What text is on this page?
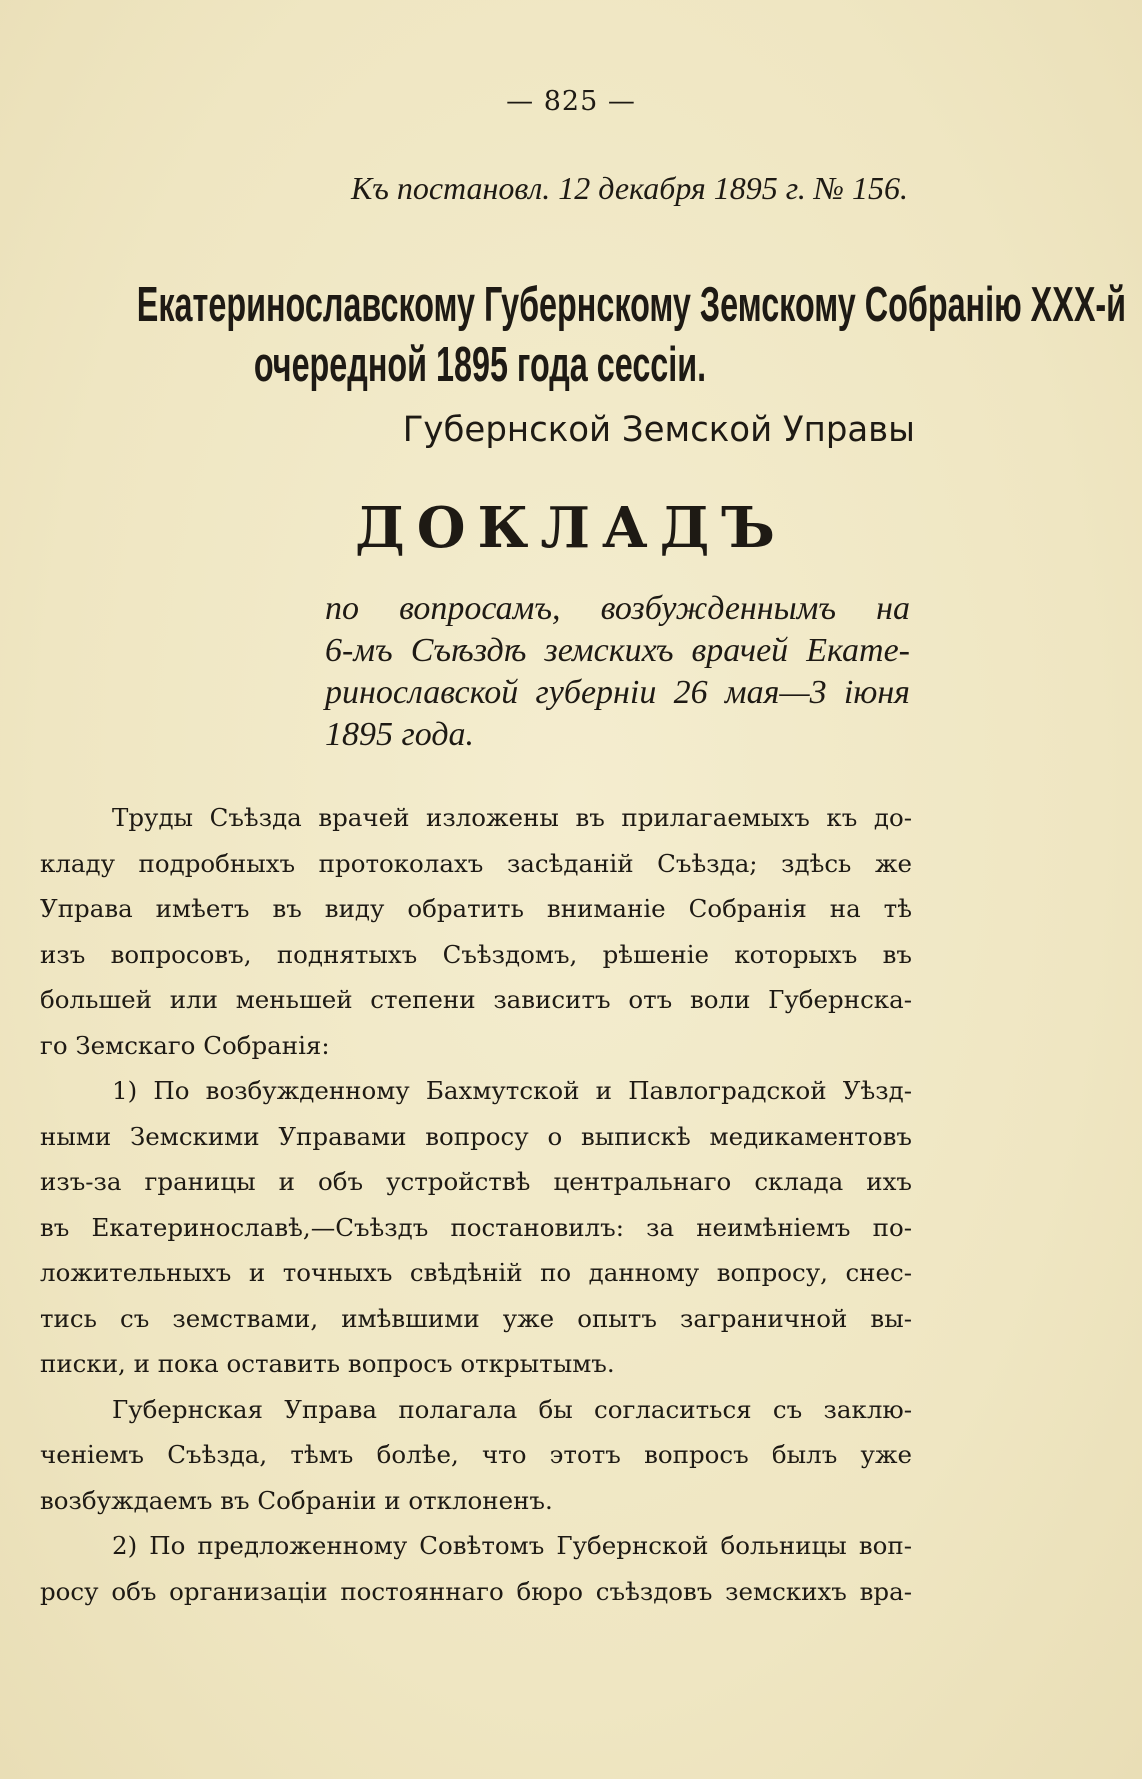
— 825 —
Къ постановл. 12 декабря 1895 г. № 156.
Екатеринославскому Губернскому Земскому Собранію XXX-й
очередной 1895 года сессіи.
Губернской Земской Управы
ДОКЛАДЪ
по вопросамъ, возбужденнымъ на
6-мъ Съѣздѣ земскихъ врачей Екате-
ринославской губерніи 26 мая—3 іюня
1895 года.
Труды Съѣзда врачей изложены въ прилагаемыхъ къ до-
кладу подробныхъ протоколахъ засѣданій Съѣзда; здѣсь же
Управа имѣетъ въ виду обратить вниманіе Собранія на тѣ
изъ вопросовъ, поднятыхъ Съѣздомъ, рѣшеніе которыхъ въ
большей или меньшей степени зависитъ отъ воли Губернска-
го Земскаго Собранія:
1) По возбужденному Бахмутской и Павлоградской Уѣзд-
ными Земскими Управами вопросу о выпискѣ медикаментовъ
изъ-за границы и объ устройствѣ центральнаго склада ихъ
въ Екатеринославѣ,—Съѣздъ постановилъ: за неимѣніемъ по-
ложительныхъ и точныхъ свѣдѣній по данному вопросу, снес-
тись съ земствами, имѣвшими уже опытъ заграничной вы-
писки, и пока оставить вопросъ открытымъ.
Губернская Управа полагала бы согласиться съ заклю-
ченіемъ Съѣзда, тѣмъ болѣе, что этотъ вопросъ былъ уже
возбуждаемъ въ Собраніи и отклоненъ.
2) По предложенному Совѣтомъ Губернской больницы воп-
росу объ организаціи постояннаго бюро съѣздовъ земскихъ вра-
